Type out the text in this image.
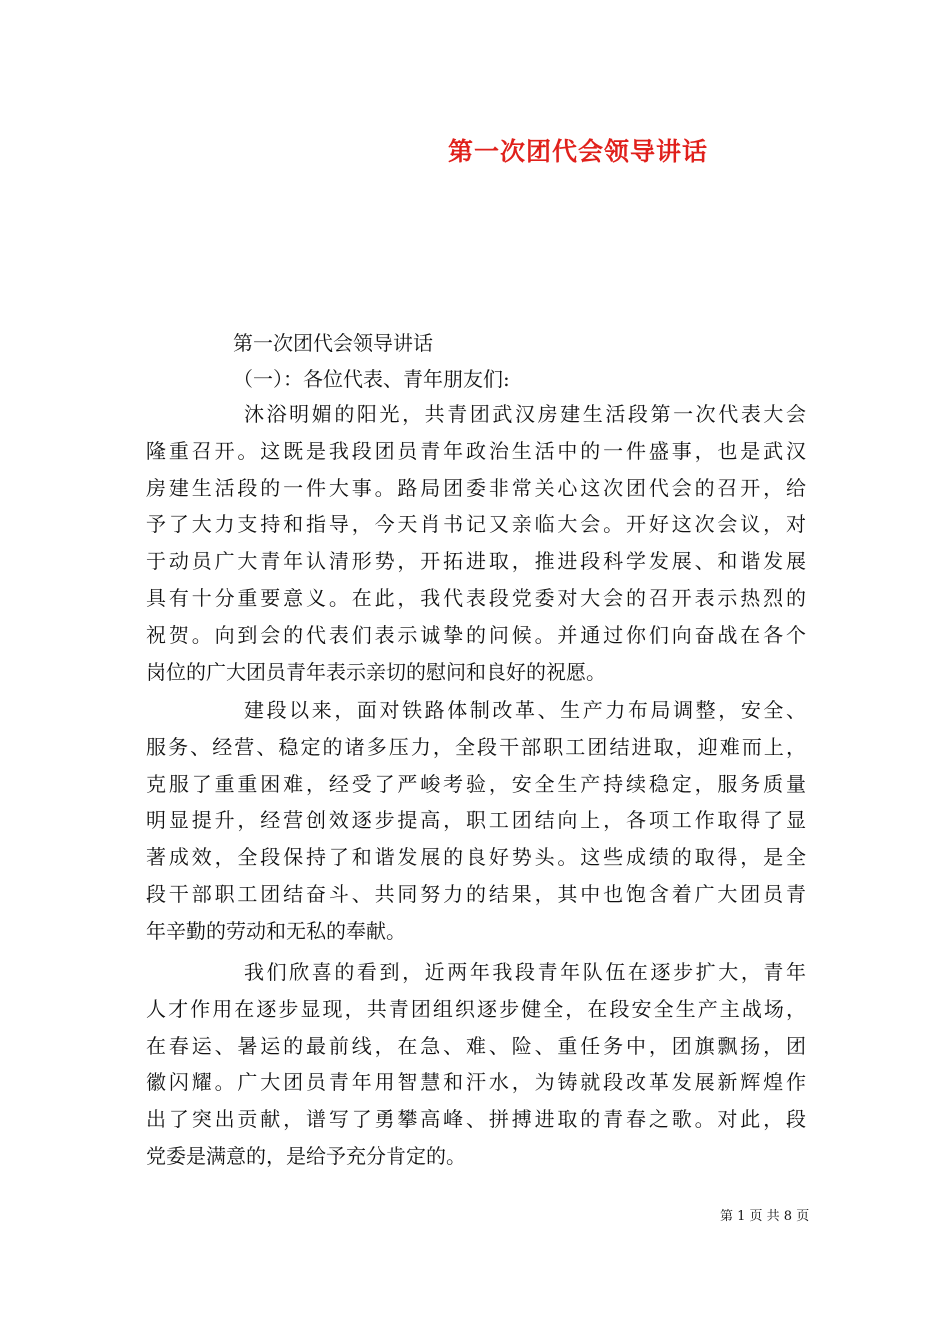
第一次团代会领导讲话
第一次团代会领导讲话
（一）：各位代表、青年朋友们:
沐浴明媚的阳光，共青团武汉房建生活段第一次代表大会
隆重召开。这既是我段团员青年政治生活中的一件盛事，也是武汉
房建生活段的一件大事。路局团委非常关心这次团代会的召开，给
予了大力支持和指导，今天肖书记又亲临大会。开好这次会议，对
于动员广大青年认清形势，开拓进取，推进段科学发展、和谐发展
具有十分重要意义。在此，我代表段党委对大会的召开表示热烈的
祝贺。向到会的代表们表示诚挚的问候。并通过你们向奋战在各个
岗位的广大团员青年表示亲切的慰问和良好的祝愿。
建段以来，面对铁路体制改革、生产力布局调整，安全、
服务、经营、稳定的诸多压力，全段干部职工团结进取，迎难而上，
克服了重重困难，经受了严峻考验，安全生产持续稳定，服务质量
明显提升，经营创效逐步提高，职工团结向上，各项工作取得了显
著成效，全段保持了和谐发展的良好势头。这些成绩的取得，是全
段干部职工团结奋斗、共同努力的结果，其中也饱含着广大团员青
年辛勤的劳动和无私的奉献。
我们欣喜的看到，近两年我段青年队伍在逐步扩大，青年
人才作用在逐步显现，共青团组织逐步健全，在段安全生产主战场，
在春运、暑运的最前线，在急、难、险、重任务中，团旗飘扬，团
徽闪耀。广大团员青年用智慧和汗水，为铸就段改革发展新辉煌作
出了突出贡献，谱写了勇攀高峰、拼搏进取的青春之歌。对此，段
党委是满意的，是给予充分肯定的。
第 1 页 共 8 页
